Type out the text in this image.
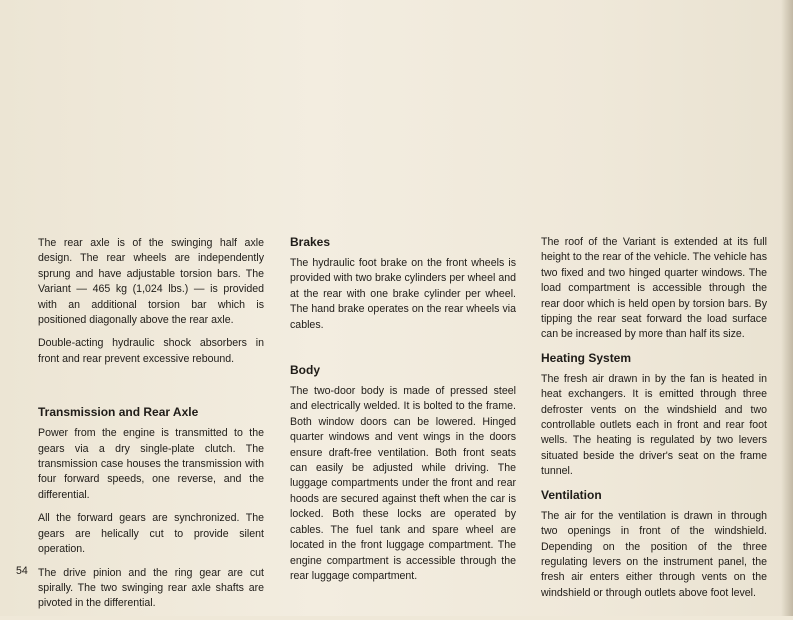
The rear axle is of the swinging half axle design. The rear wheels are independently sprung and have adjustable torsion bars. The Variant — 465 kg (1,024 lbs.) — is provided with an additional torsion bar which is positioned diagonally above the rear axle.

Double-acting hydraulic shock absorbers in front and rear prevent excessive rebound.

Transmission and Rear Axle

Power from the engine is transmitted to the gears via a dry single-plate clutch. The transmission case houses the transmission with four forward speeds, one reverse, and the differential.

All the forward gears are synchronized. The gears are helically cut to provide silent operation.

The drive pinion and the ring gear are cut spirally. The two swinging rear axle shafts are pivoted in the differential.

Brakes

The hydraulic foot brake on the front wheels is provided with two brake cylinders per wheel and at the rear with one brake cylinder per wheel. The hand brake operates on the rear wheels via cables.

Body

The two-door body is made of pressed steel and electrically welded. It is bolted to the frame. Both window doors can be lowered. Hinged quarter windows and vent wings in the doors ensure draft-free ventilation. Both front seats can easily be adjusted while driving. The luggage compartments under the front and rear hoods are secured against theft when the car is locked. Both these locks are operated by cables. The fuel tank and spare wheel are located in the front luggage compartment. The engine compartment is accessible through the rear luggage compartment.

The roof of the Variant is extended at its full height to the rear of the vehicle. The vehicle has two fixed and two hinged quarter windows. The load compartment is accessible through the rear door which is held open by torsion bars. By tipping the rear seat forward the load surface can be increased by more than half its size.

Heating System

The fresh air drawn in by the fan is heated in heat exchangers. It is emitted through three defroster vents on the windshield and two controllable outlets each in front and rear foot wells. The heating is regulated by two levers situated beside the driver's seat on the frame tunnel.

Ventilation

The air for the ventilation is drawn in through two openings in front of the windshield. Depending on the position of the three regulating levers on the instrument panel, the fresh air enters either through vents on the windshield or through outlets above foot level.

54
